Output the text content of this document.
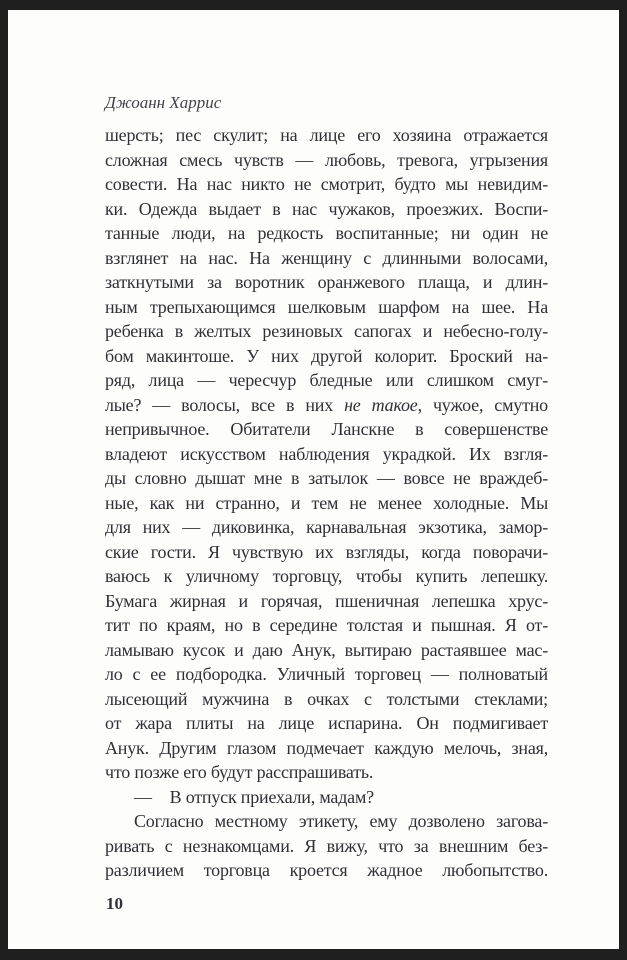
Джоанн Харрис
шерсть; пес скулит; на лице его хозяина отражается
сложная смесь чувств — любовь, тревога, угрызения
совести. На нас никто не смотрит, будто мы невидим-
ки. Одежда выдает в нас чужаков, проезжих. Воспи-
танные люди, на редкость воспитанные; ни один не
взглянет на нас. На женщину с длинными волосами,
заткнутыми за воротник оранжевого плаща, и длин-
ным трепыхающимся шелковым шарфом на шее. На
ребенка в желтых резиновых сапогах и небесно-голу-
бом макинтоше. У них другой колорит. Броский на-
ряд, лица — чересчур бледные или слишком смуг-
лые? — волосы, все в них не такое, чужое, смутно
непривычное. Обитатели Ланскне в совершенстве
владеют искусством наблюдения украдкой. Их взгля-
ды словно дышат мне в затылок — вовсе не враждеб-
ные, как ни странно, и тем не менее холодные. Мы
для них — диковинка, карнавальная экзотика, замор-
ские гости. Я чувствую их взгляды, когда поворачи-
ваюсь к уличному торговцу, чтобы купить лепешку.
Бумага жирная и горячая, пшеничная лепешка хрус-
тит по краям, но в середине толстая и пышная. Я от-
ламываю кусок и даю Анук, вытираю растаявшее мас-
ло с ее подбородка. Уличный торговец — полноватый
лысеющий мужчина в очках с толстыми стеклами;
от жара плиты на лице испарина. Он подмигивает
Анук. Другим глазом подмечает каждую мелочь, зная,
что позже его будут расспрашивать.
— В отпуск приехали, мадам?
Согласно местному этикету, ему дозволено загова-
ривать с незнакомцами. Я вижу, что за внешним без-
различием торговца кроется жадное любопытство.
10
